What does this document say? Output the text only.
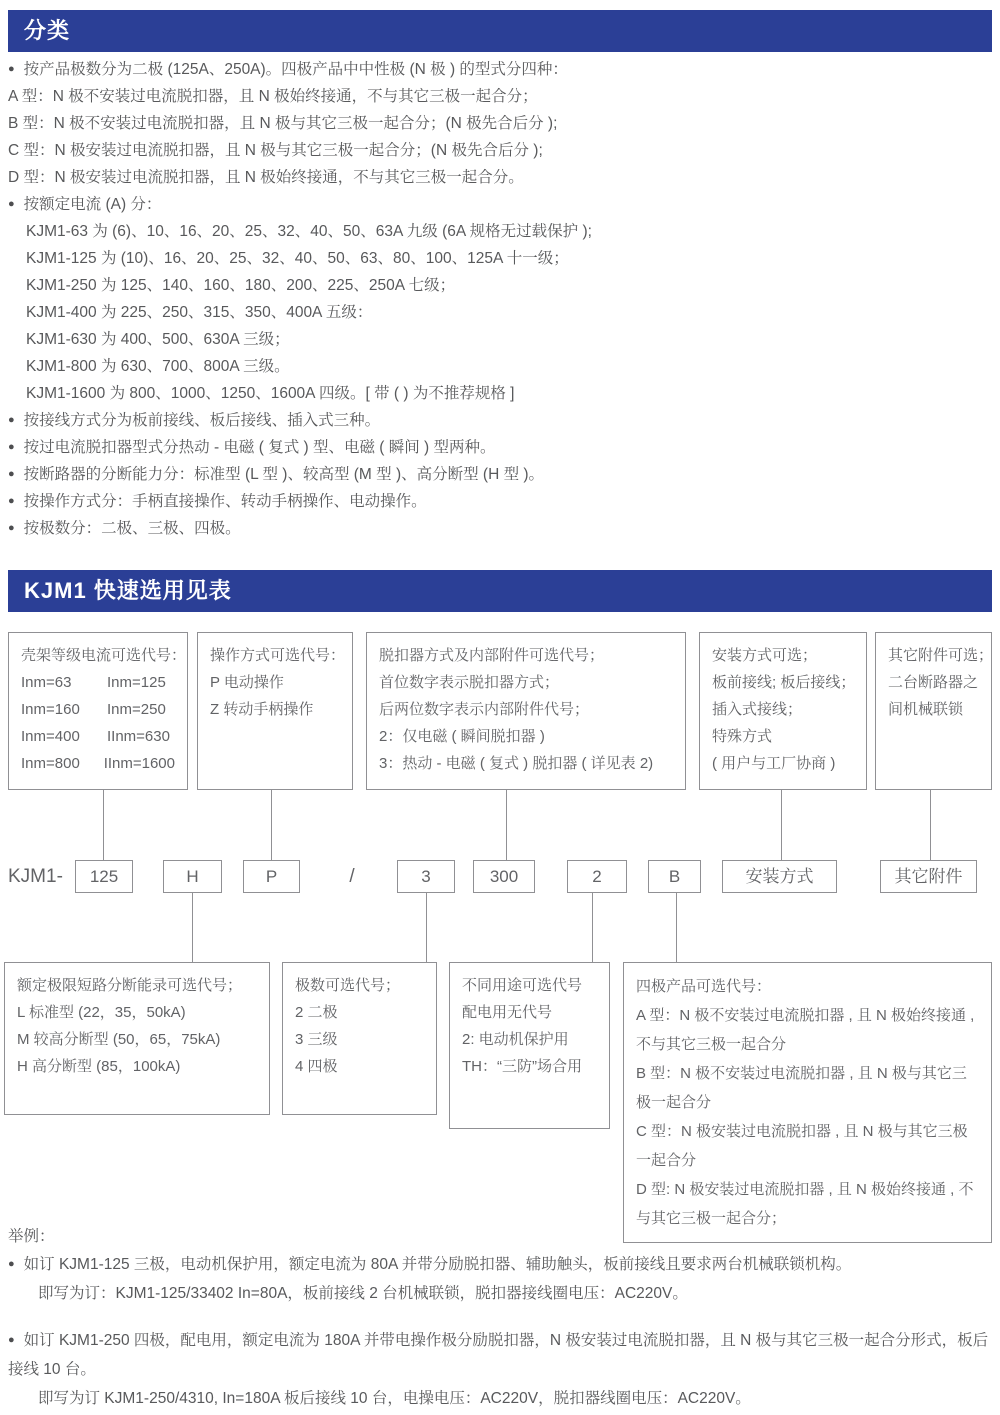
分类
● 按产品极数分为二极 (125A、250A)。四极产品中中性极 (N 极 ) 的型式分四种：
A 型：N 极不安装过电流脱扣器，且 N 极始终接通，不与其它三极一起合分；
B 型：N 极不安装过电流脱扣器，且 N 极与其它三极一起合分；(N 极先合后分 );
C 型：N 极安装过电流脱扣器，且 N 极与其它三极一起合分；(N 极先合后分 );
D 型：N 极安装过电流脱扣器，且 N 极始终接通，不与其它三极一起合分。
● 按额定电流 (A) 分：
KJM1-63 为 (6)、10、16、20、25、32、40、50、63A 九级 (6A 规格无过载保护 );
KJM1-125 为 (10)、16、20、25、32、40、50、63、80、100、125A 十一级；
KJM1-250 为 125、140、160、180、200、225、250A 七级；
KJM1-400 为 225、250、315、350、400A 五级：
KJM1-630 为 400、500、630A 三级；
KJM1-800 为 630、700、800A 三级。
KJM1-1600 为 800、1000、1250、1600A 四级。[ 带 ( ) 为不推荐规格 ]
● 按接线方式分为板前接线、板后接线、插入式三种。
● 按过电流脱扣器型式分热动 - 电磁 ( 复式 ) 型、电磁 ( 瞬间 ) 型两种。
● 按断路器的分断能力分：标准型 (L 型 )、较高型 (M 型 )、高分断型 (H 型 )。
● 按操作方式分：手柄直接操作、转动手柄操作、电动操作。
● 按极数分：二极、三极、四极。
KJM1 快速选用见表
壳架等级电流可选代号：
Inm=63	Inm=125
Inm=160	Inm=250
Inm=400	IInm=630
Inm=800	IInm=1600
操作方式可选代号：
P 电动操作
Z 转动手柄操作
脱扣器方式及内部附件可选代号；
首位数字表示脱扣器方式；
后两位数字表示内部附件代号；
2：仅电磁 ( 瞬间脱扣器 )
3：热动 - 电磁 ( 复式 ) 脱扣器 ( 详见表 2)
安装方式可选；
板前接线; 板后接线；
插入式接线；
特殊方式
( 用户与工厂协商 )
其它附件可选；
二台断路器之
间机械联锁
KJM1-	125	H	P	/	3	300	2	B	安装方式	其它附件
额定极限短路分断能录可选代号；
L 标准型 (22，35，50kA)
M 较高分断型 (50，65，75kA)
H 高分断型 (85，100kA)
极数可选代号；
2 二极
3 三级
4 四极
不同用途可选代号
配电用无代号
2: 电动机保护用
TH：“三防”场合用
四极产品可选代号：
A 型：N 极不安装过电流脱扣器 , 且 N 极始终接通 , 不与其它三极一起合分
B 型：N 极不安装过电流脱扣器 , 且 N 极与其它三极一起合分
C 型：N 极安装过电流脱扣器 , 且 N 极与其它三极一起合分
D 型: N 极安装过电流脱扣器 , 且 N 极始终接通 , 不与其它三极一起合分；
举例：
● 如订 KJM1-125 三极，电动机保护用，额定电流为 80A 并带分励脱扣器、辅助触头，板前接线且要求两台机械联锁机构。
即写为订：KJM1-125/33402 In=80A，板前接线 2 台机械联锁，脱扣器接线圈电压：AC220V。
● 如订 KJM1-250 四极，配电用，额定电流为 180A 并带电操作极分励脱扣器，N 极安装过电流脱扣器，且 N 极与其它三极一起合分形式，板后接线 10 台。
即写为订 KJM1-250/4310, In=180A 板后接线 10 台，电操电压：AC220V，脱扣器线圈电压：AC220V。
